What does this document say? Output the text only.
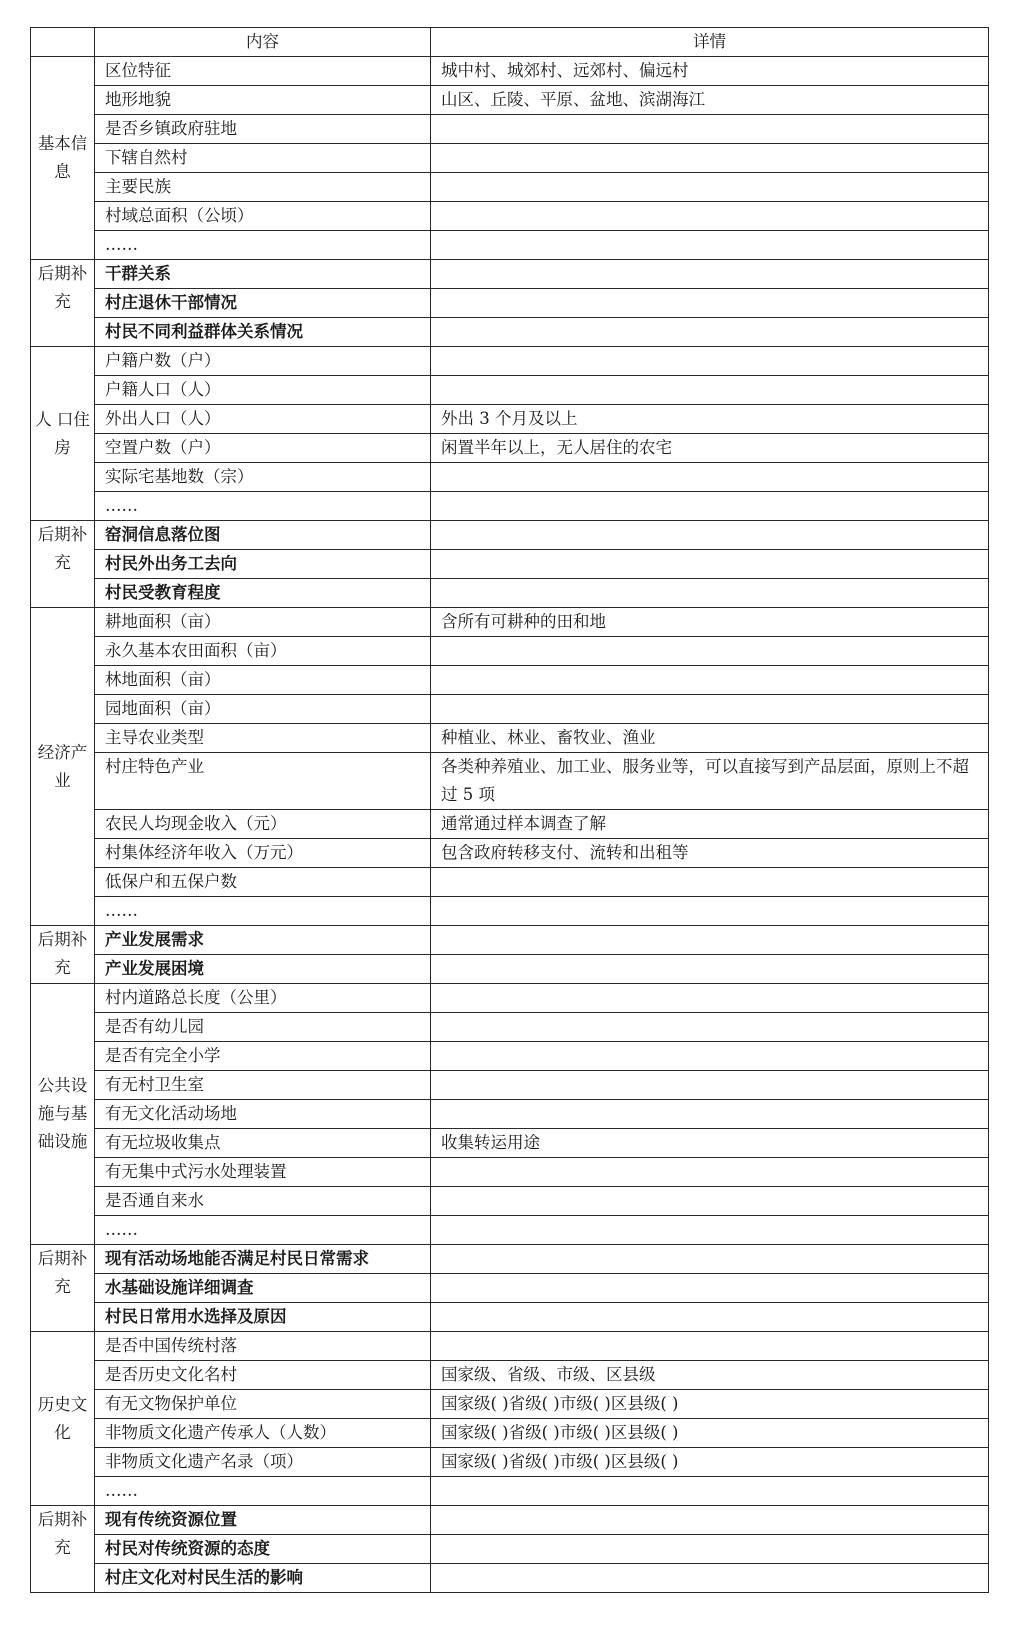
	内容	详情
基本信息	区位特征	城中村、城郊村、远郊村、偏远村
	地形地貌	山区、丘陵、平原、盆地、滨湖海江
	是否乡镇政府驻地	
	下辖自然村	
	主要民族	
	村域总面积（公顷）	
	……	
后期补充	干群关系	
	村庄退休干部情况	
	村民不同利益群体关系情况	
人 口住房	户籍户数（户）	
	户籍人口（人）	
	外出人口（人）	外出 3 个月及以上
	空置户数（户）	闲置半年以上，无人居住的农宅
	实际宅基地数（宗）	
	……	
后期补充	窑洞信息落位图	
	村民外出务工去向	
	村民受教育程度	
经济产业	耕地面积（亩）	含所有可耕种的田和地
	永久基本农田面积（亩）	
	林地面积（亩）	
	园地面积（亩）	
	主导农业类型	种植业、林业、畜牧业、渔业
	村庄特色产业	各类种养殖业、加工业、服务业等，可以直接写到产品层面，原则上不超过 5 项
	农民人均现金收入（元）	通常通过样本调查了解
	村集体经济年收入（万元）	包含政府转移支付、流转和出租等
	低保户和五保户数	
	……	
后期补充	产业发展需求	
	产业发展困境	
公共设施与基础设施	村内道路总长度（公里）	
	是否有幼儿园	
	是否有完全小学	
	有无村卫生室	
	有无文化活动场地	
	有无垃圾收集点	收集转运用途
	有无集中式污水处理装置	
	是否通自来水	
	……	
后期补充	现有活动场地能否满足村民日常需求	
	水基础设施详细调查	
	村民日常用水选择及原因	
历史文化	是否中国传统村落	
	是否历史文化名村	国家级、省级、市级、区县级
	有无文物保护单位	国家级( )省级( )市级( )区县级( )
	非物质文化遗产传承人（人数）	国家级( )省级( )市级( )区县级( )
	非物质文化遗产名录（项）	国家级( )省级( )市级( )区县级( )
	……	
后期补充	现有传统资源位置	
	村民对传统资源的态度	
	村庄文化对村民生活的影响	
